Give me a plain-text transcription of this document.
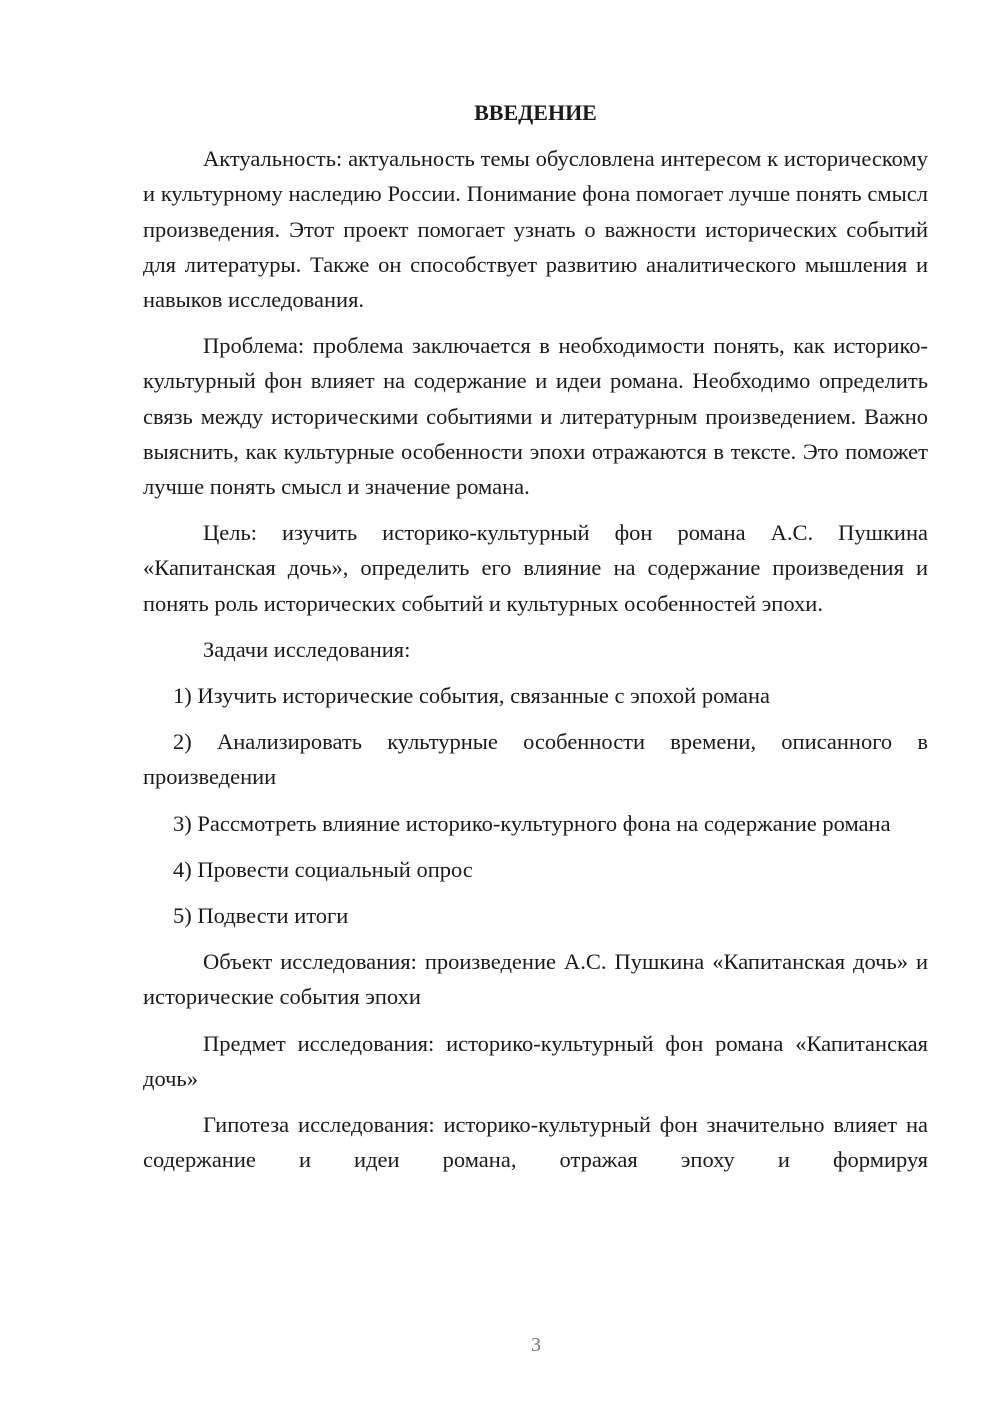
ВВЕДЕНИЕ

Актуальность: актуальность темы обусловлена интересом к историческому и культурному наследию России. Понимание фона помогает лучше понять смысл произведения. Этот проект помогает узнать о важности исторических событий для литературы. Также он способствует развитию аналитического мышления и навыков исследования.

Проблема: проблема заключается в необходимости понять, как историко-культурный фон влияет на содержание и идеи романа. Необходимо определить связь между историческими событиями и литературным произведением. Важно выяснить, как культурные особенности эпохи отражаются в тексте. Это поможет лучше понять смысл и значение романа.

Цель: изучить историко-культурный фон романа А.С. Пушкина «Капитанская дочь», определить его влияние на содержание произведения и понять роль исторических событий и культурных особенностей эпохи.

Задачи исследования:

1) Изучить исторические события, связанные с эпохой романа

2) Анализировать культурные особенности времени, описанного в произведении

3) Рассмотреть влияние историко-культурного фона на содержание романа

4) Провести социальный опрос

5) Подвести итоги

Объект исследования: произведение А.С. Пушкина «Капитанская дочь» и исторические события эпохи

Предмет исследования: историко-культурный фон романа «Капитанская дочь»

Гипотеза исследования: историко-культурный фон значительно влияет на содержание и идеи романа, отражая эпоху и формируя

3
